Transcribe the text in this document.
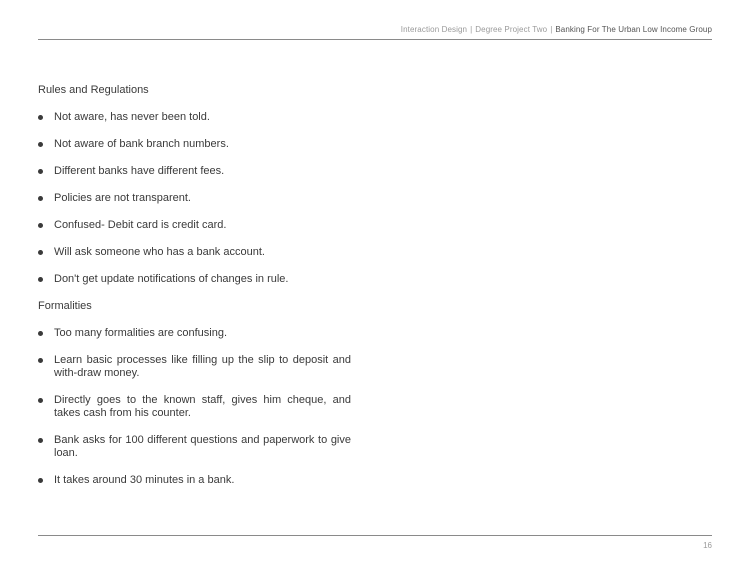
Interaction Design | Degree Project Two | Banking For The Urban Low Income Group
Rules and Regulations
Not aware, has never been told.
Not aware of bank branch numbers.
Different banks have different fees.
Policies are not transparent.
Confused- Debit card is credit card.
Will ask someone who has a bank account.
Don't get update notifications of changes in rule.
Formalities
Too many formalities are confusing.
Learn basic processes like filling up the slip to deposit and with-draw money.
Directly goes to the known staff, gives him cheque, and takes cash from his counter.
Bank asks for 100 different questions and paperwork to give loan.
It takes around 30 minutes in a bank.
16
